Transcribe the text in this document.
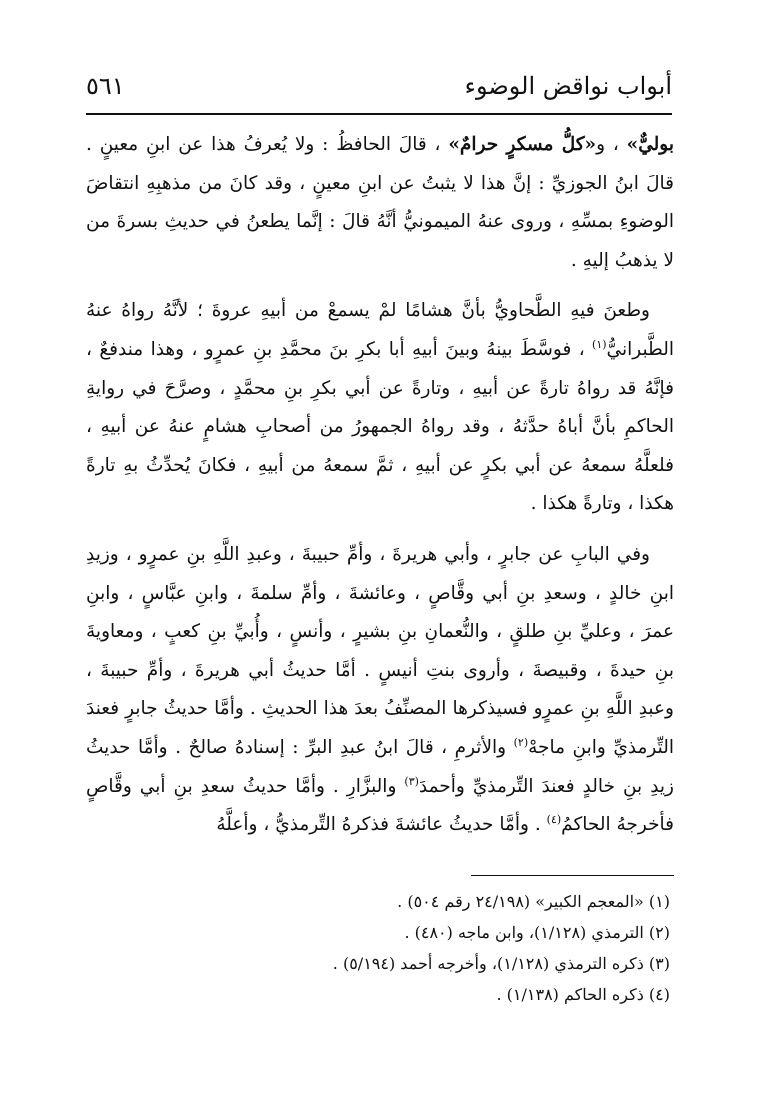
أبواب نواقض الوضوء
٥٦١

بوليٌّ» ، و«كلُّ مسكرٍ حرامٌ» ، قالَ الحافظُ : ولا يُعرفُ هذا عن ابنِ معينٍ . قالَ ابنُ الجوزيِّ : إنَّ هذا لا يثبتُ عن ابنِ معينٍ ، وقد كانَ من مذهبِهِ انتقاضَ الوضوءِ بمسِّهِ ، وروى عنهُ الميمونيُّ أنَّهُ قالَ : إنَّما يطعنُ في حديثِ بسرةَ من لا يذهبُ إليهِ .

وطعنَ فيهِ الطَّحاويُّ بأنَّ هشامًا لمْ يسمعْ من أبيهِ عروةَ ؛ لأنَّهُ رواهُ عنهُ الطَّبرانيُّ$^{(١)}$ ، فوسَّطَ بينهُ وبينَ أبيهِ أبا بكرِ بنَ محمَّدِ بنِ عمرٍو ، وهذا مندفعٌ ، فإنَّهُ قد رواهُ تارةً عن أبيهِ ، وتارةً عن أبي بكرِ بنِ محمَّدٍ ، وصرَّحَ في روايةِ الحاكمِ بأنَّ أباهُ حدَّثهُ ، وقد رواهُ الجمهورُ من أصحابِ هشامٍ عنهُ عن أبيهِ ، فلعلَّهُ سمعهُ عن أبي بكرٍ عن أبيهِ ، ثمَّ سمعهُ من أبيهِ ، فكانَ يُحدِّثُ بهِ تارةً هكذا ، وتارةً هكذا .

وفي البابِ عن جابرٍ ، وأبي هريرةَ ، وأمِّ حبيبةَ ، وعبدِ اللَّهِ بنِ عمرٍو ، وزيدِ ابنِ خالدٍ ، وسعدِ بنِ أبي وقَّاصٍ ، وعائشةَ ، وأمِّ سلمةَ ، وابنِ عبَّاسٍ ، وابنِ عمرَ ، وعليِّ بنِ طلقٍ ، والنُّعمانِ بنِ بشيرٍ ، وأنسٍ ، وأُبيِّ بنِ كعبٍ ، ومعاويةَ بنِ حيدةَ ، وقبيصةَ ، وأروى بنتِ أنيسٍ . أمَّا حديثُ أبي هريرةَ ، وأمِّ حبيبةَ ، وعبدِ اللَّهِ بنِ عمرٍو فسيذكرها المصنِّفُ بعدَ هذا الحديثِ . وأمَّا حديثُ جابرٍ فعندَ التِّرمذيِّ وابنِ ماجهْ$^{(٢)}$ والأثرمِ ، قالَ ابنُ عبدِ البرِّ : إسنادهُ صالحٌ . وأمَّا حديثُ زيدِ بنِ خالدٍ فعندَ التِّرمذيِّ وأحمدَ$^{(٣)}$ والبزَّارِ . وأمَّا حديثُ سعدِ بنِ أبي وقَّاصٍ فأخرجهُ الحاكمُ$^{(٤)}$ . وأمَّا حديثُ عائشةَ فذكرهُ التِّرمذيُّ ، وأعلَّهُ

(١) «المعجم الكبير» (٢٤/١٩٨ رقم ٥٠٤) .

(٢) الترمذي (١/١٢٨)، وابن ماجه (٤٨٠) .

(٣) ذكره الترمذي (١/١٢٨)، وأخرجه أحمد (٥/١٩٤) .

(٤) ذكره الحاكم (١/١٣٨) .
